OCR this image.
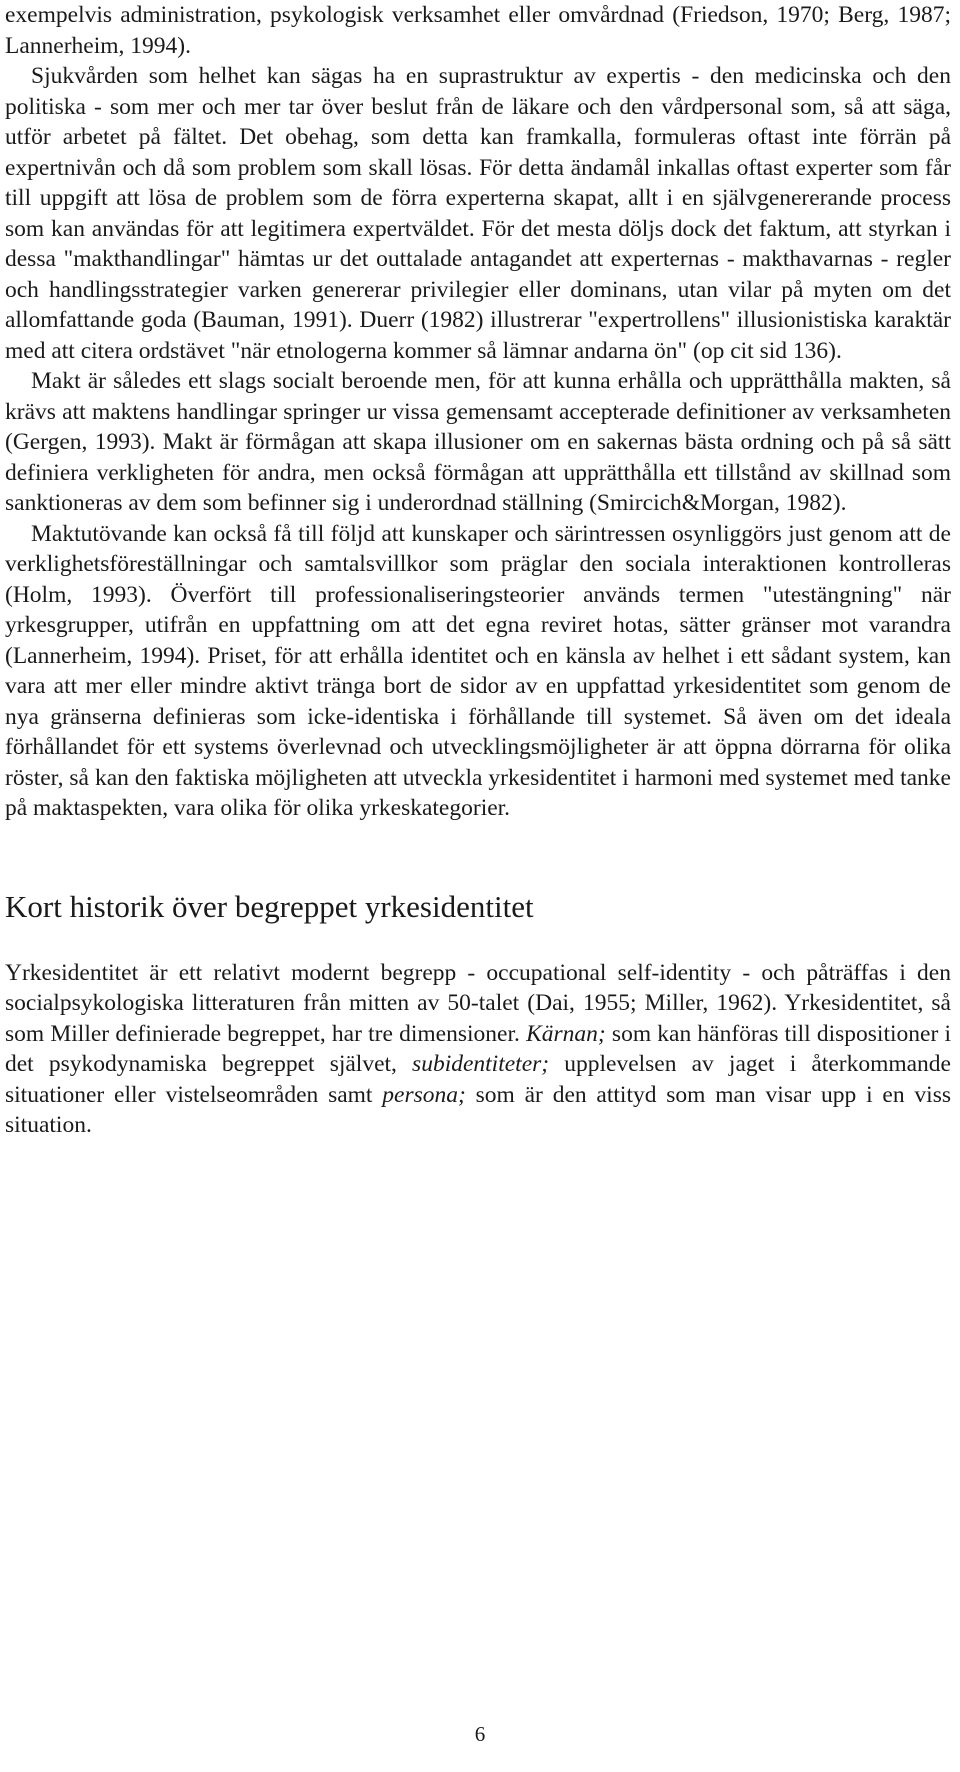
exempelvis administration, psykologisk verksamhet eller omvårdnad (Friedson, 1970; Berg, 1987; Lannerheim, 1994).

Sjukvården som helhet kan sägas ha en suprastruktur av expertis - den medicinska och den politiska - som mer och mer tar över beslut från de läkare och den vårdpersonal som, så att säga, utför arbetet på fältet. Det obehag, som detta kan framkalla, formuleras oftast inte förrän på expertnivån och då som problem som skall lösas. För detta ändamål inkallas oftast experter som får till uppgift att lösa de problem som de förra experterna skapat, allt i en självgenererande process som kan användas för att legitimera expertväldet. För det mesta döljs dock det faktum, att styrkan i dessa "makthandlingar" hämtas ur det outtalade antagandet att experternas - makthavarnas - regler och handlingsstrategier varken genererar privilegier eller dominans, utan vilar på myten om det allomfattande goda (Bauman, 1991). Duerr (1982) illustrerar "expertrollens" illusionistiska karaktär med att citera ordstävet "när etnologerna kommer så lämnar andarna ön" (op cit sid 136).

Makt är således ett slags socialt beroende men, för att kunna erhålla och upprätthålla makten, så krävs att maktens handlingar springer ur vissa gemensamt accepterade definitioner av verksamheten (Gergen, 1993). Makt är förmågan att skapa illusioner om en sakernas bästa ordning och på så sätt definiera verkligheten för andra, men också förmågan att upprätthålla ett tillstånd av skillnad som sanktioneras av dem som befinner sig i underordnad ställning (Smircich&Morgan, 1982).

Maktutövande kan också få till följd att kunskaper och särintressen osynliggörs just genom att de verklighetsföreställningar och samtalsvillkor som präglar den sociala interaktionen kontrolleras (Holm, 1993). Överfört till professionaliseringsteorier används termen "utestängning" när yrkesgrupper, utifrån en uppfattning om att det egna reviret hotas, sätter gränser mot varandra (Lannerheim, 1994). Priset, för att erhålla identitet och en känsla av helhet i ett sådant system, kan vara att mer eller mindre aktivt tränga bort de sidor av en uppfattad yrkesidentitet som genom de nya gränserna definieras som icke-identiska i förhållande till systemet. Så även om det ideala förhållandet för ett systems överlevnad och utvecklingsmöjligheter är att öppna dörrarna för olika röster, så kan den faktiska möjligheten att utveckla yrkesidentitet i harmoni med systemet med tanke på maktaspekten, vara olika för olika yrkeskategorier.

Kort historik över begreppet yrkesidentitet

Yrkesidentitet är ett relativt modernt begrepp - occupational self-identity - och påträffas i den socialpsykologiska litteraturen från mitten av 50-talet (Dai, 1955; Miller, 1962). Yrkesidentitet, så som Miller definierade begreppet, har tre dimensioner. Kärnan; som kan hänföras till dispositioner i det psykodynamiska begreppet självet, subidentiteter; upplevelsen av jaget i återkommande situationer eller vistelseområden samt persona; som är den attityd som man visar upp i en viss situation.

6
